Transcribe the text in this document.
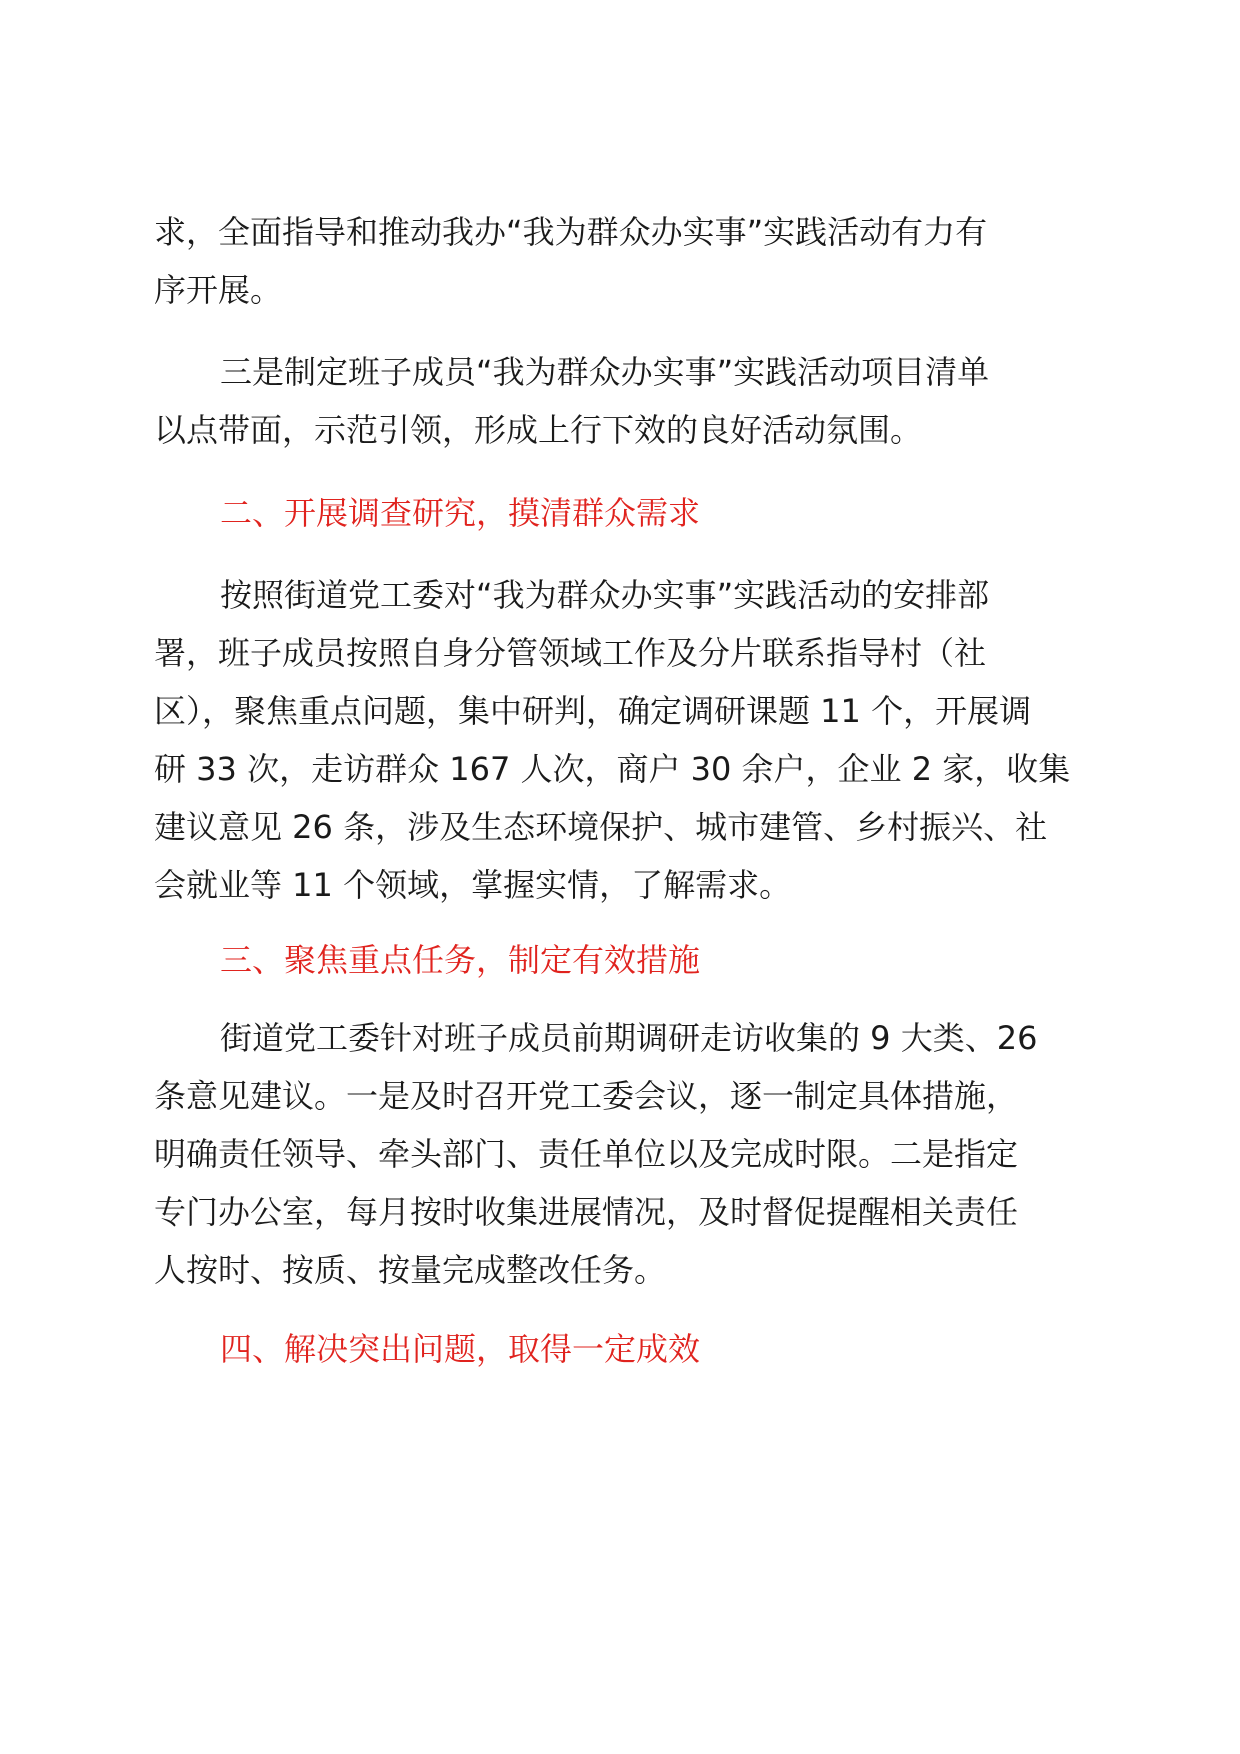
求，全面指导和推动我办“我为群众办实事”实践活动有力有
序开展。
三是制定班子成员“我为群众办实事”实践活动项目清单
以点带面，示范引领，形成上行下效的良好活动氛围。
二、开展调查研究，摸清群众需求
按照街道党工委对“我为群众办实事”实践活动的安排部
署，班子成员按照自身分管领域工作及分片联系指导村（社
区），聚焦重点问题，集中研判，确定调研课题 11 个，开展调
研 33 次，走访群众 167 人次，商户 30 余户，企业 2 家，收集
建议意见 26 条，涉及生态环境保护、城市建管、乡村振兴、社
会就业等 11 个领域，掌握实情，了解需求。
三、聚焦重点任务，制定有效措施
街道党工委针对班子成员前期调研走访收集的 9 大类、26
条意见建议。一是及时召开党工委会议，逐一制定具体措施，
明确责任领导、牵头部门、责任单位以及完成时限。二是指定
专门办公室，每月按时收集进展情况，及时督促提醒相关责任
人按时、按质、按量完成整改任务。
四、解决突出问题，取得一定成效
